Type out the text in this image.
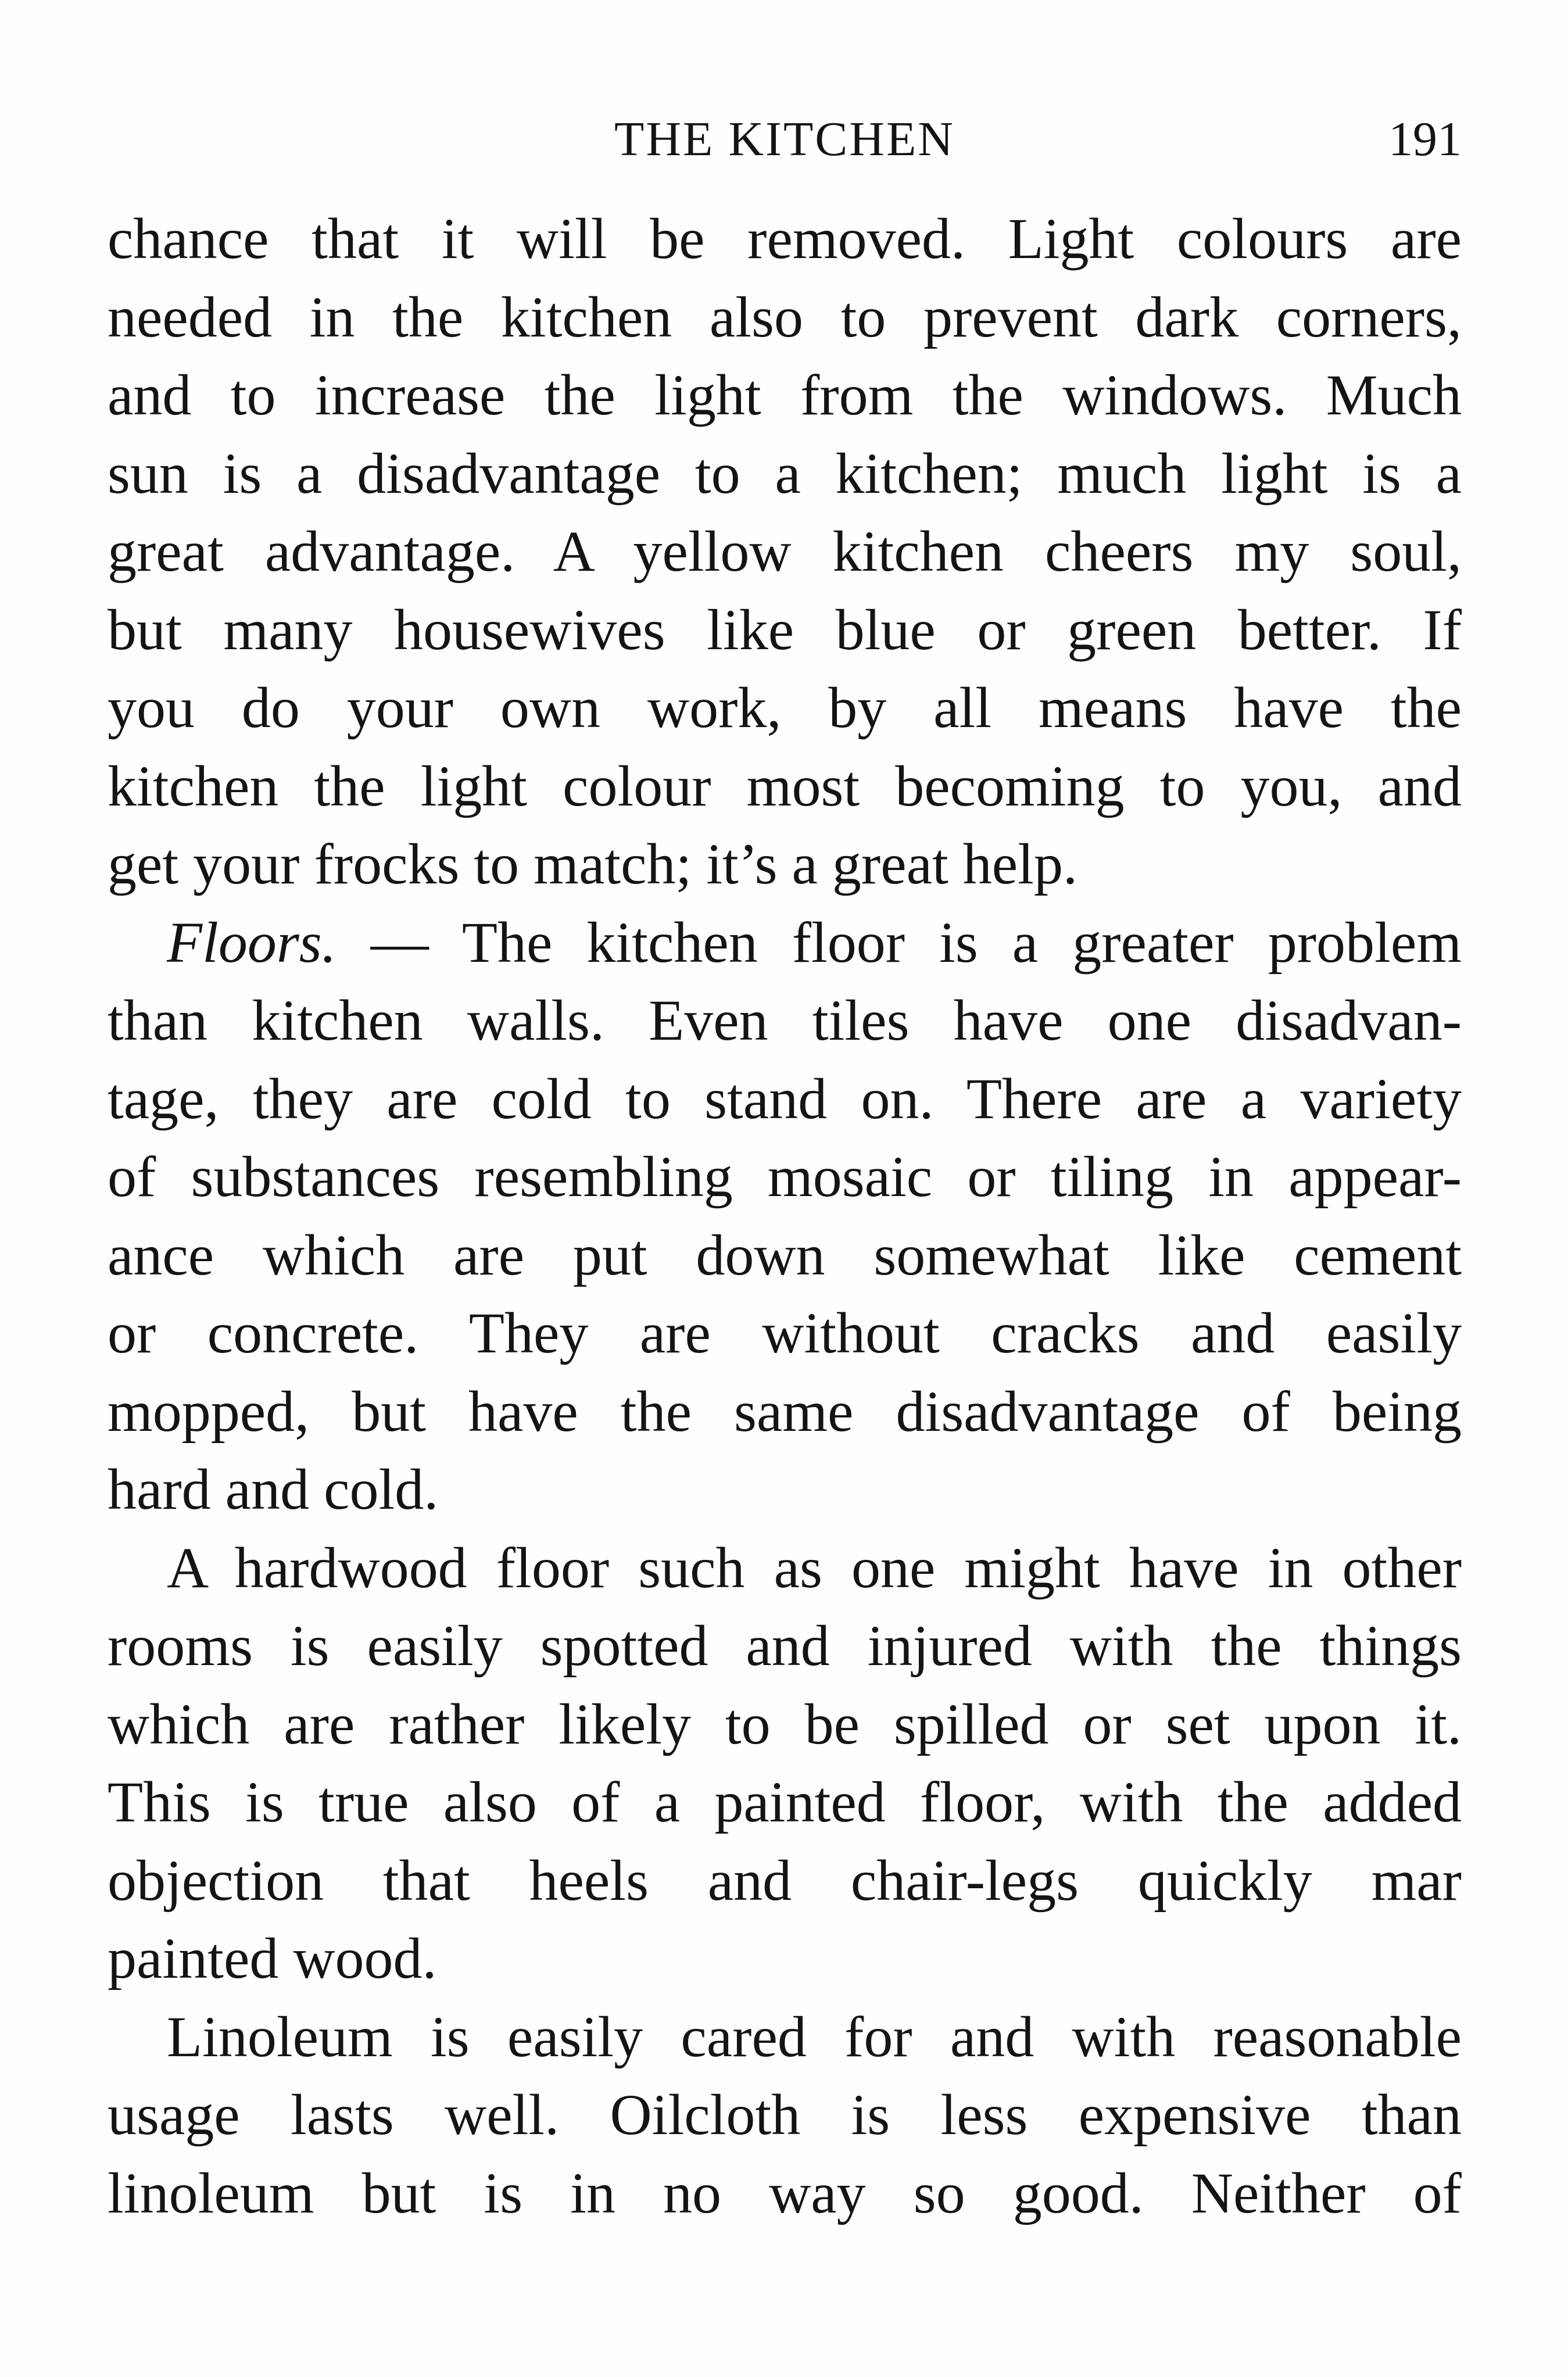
THE KITCHEN	191
chance that it will be removed. Light colours are
needed in the kitchen also to prevent dark corners,
and to increase the light from the windows. Much
sun is a disadvantage to a kitchen; much light is a
great advantage. A yellow kitchen cheers my soul,
but many housewives like blue or green better. If
you do your own work, by all means have the
kitchen the light colour most becoming to you, and
get your frocks to match; it’s a great help.
Floors. — The kitchen floor is a greater problem
than kitchen walls. Even tiles have one disadvan-
tage, they are cold to stand on. There are a variety
of substances resembling mosaic or tiling in appear-
ance which are put down somewhat like cement
or concrete. They are without cracks and easily
mopped, but have the same disadvantage of being
hard and cold.
A hardwood floor such as one might have in other
rooms is easily spotted and injured with the things
which are rather likely to be spilled or set upon it.
This is true also of a painted floor, with the added
objection that heels and chair-legs quickly mar
painted wood.
Linoleum is easily cared for and with reasonable
usage lasts well. Oilcloth is less expensive than
linoleum but is in no way so good. Neither of
